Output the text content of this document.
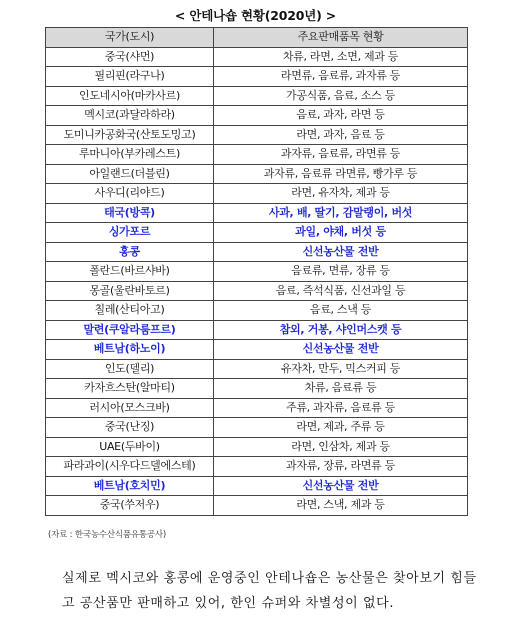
< 안테나숍 현황(2020년) >
국가(도시)	주요판매품목 현황
중국(샤먼)	차류, 라면, 소면, 제과 등
필리핀(라구나)	라면류, 음료류, 과자류 등
인도네시아(마카사르)	가공식품, 음료, 소스 등
멕시코(과달라하라)	음료, 과자, 라면 등
도미니카공화국(산토도밍고)	라면, 과자, 음료 등
루마니아(부카레스트)	과자류, 음료류, 라면류 등
아일랜드(더블린)	과자류, 음료류 라면류, 빵가루 등
사우디(리야드)	라면, 유자차, 제과 등
태국(방콕)	사과, 배, 딸기, 감말랭이, 버섯
싱가포르	과일, 야채, 버섯 등
홍콩	신선농산물 전반
폴란드(바르샤바)	음료류, 면류, 장류 등
몽골(울란바토르)	음료, 즉석식품, 신선과일 등
칠레(산티아고)	음료, 스낵 등
말련(쿠알라룸프르)	참외, 거봉, 샤인머스캣 등
베트남(하노이)	신선농산물 전반
인도(델리)	유자차, 만두, 믹스커피 등
카자흐스탄(알마티)	차류, 음료류 등
러시아(모스크바)	주류, 과자류, 음료류 등
중국(난징)	라면, 제과, 주류 등
UAE(두바이)	라면, 인삼차, 제과 등
파라과이(시우다드델에스테)	과자류, 장류, 라면류 등
베트남(호치민)	신선농산물 전반
중국(쑤저우)	라면, 스낵, 제과 등
(자료 : 한국농수산식품유통공사)
실제로 멕시코와 홍콩에 운영중인 안테나숍은 농산물은 찾아보기 힘들고 공산품만 판매하고 있어, 한인 슈퍼와 차별성이 없다.
